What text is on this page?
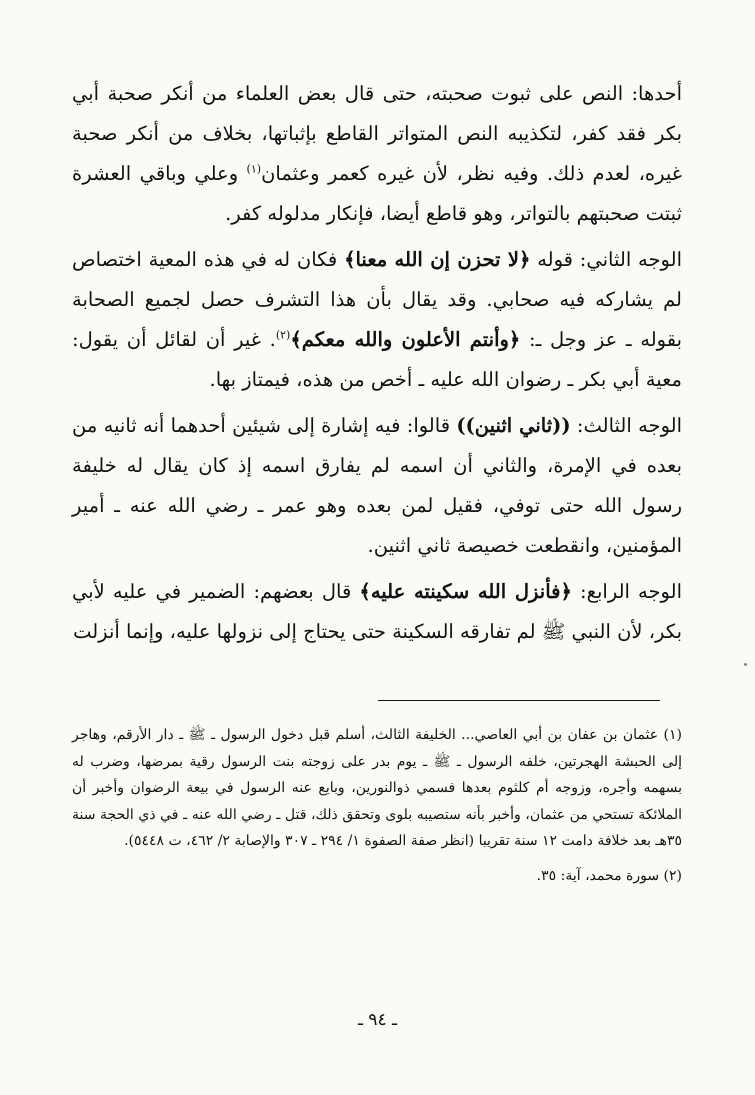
أحدها: النص على ثبوت صحبته، حتى قال بعض العلماء من أنكر صحبة أبي بكر فقد كفر، لتكذيبه النص المتواتر القاطع بإثباتها، بخلاف من أنكر صحبة غيره، لعدم ذلك. وفيه نظر، لأن غيره كعمر وعثمان$^{(١)}$ وعلي وباقي العشرة ثبتت صحبتهم بالتواتر، وهو قاطع أيضا، فإنكار مدلوله كفر.

الوجه الثاني: قوله ﴿لا تحزن إن الله معنا﴾ فكان له في هذه المعية اختصاص لم يشاركه فيه صحابي. وقد يقال بأن هذا التشرف حصل لجميع الصحابة بقوله ـ عز وجل ـ: ﴿وأنتم الأعلون والله معكم﴾$^{(٢)}$. غير أن لقائل أن يقول: معية أبي بكر ـ رضوان الله عليه ـ أخص من هذه، فيمتاز بها.

الوجه الثالث: ((ثاني اثنين)) قالوا: فيه إشارة إلى شيئين أحدهما أنه ثانيه من بعده في الإمرة، والثاني أن اسمه لم يفارق اسمه إذ كان يقال له خليفة رسول الله حتى توفي، فقيل لمن بعده وهو عمر ـ رضي الله عنه ـ أمير المؤمنين، وانقطعت خصيصة ثاني اثنين.

الوجه الرابع: ﴿فأنزل الله سكينته عليه﴾ قال بعضهم: الضمير في عليه لأبي بكر، لأن النبي ﷺ لم تفارقه السكينة حتى يحتاج إلى نزولها عليه، وإنما أنزلت

(١) عثمان بن عفان بن أبي العاصي... الخليفة الثالث، أسلم قبل دخول الرسول ـ ﷺ ـ دار الأرقم، وهاجر إلى الحبشة الهجرتين، خلفه الرسول ـ ﷺ ـ يوم بدر على زوجته بنت الرسول رقية بمرضها، وضرب له بسهمه وأجره، وزوجه أم كلثوم بعدها فسمي ذوالنورين، وبايع عنه الرسول في بيعة الرضوان وأخبر أن الملائكة تستحي من عثمان، وأخبر بأنه ستصيبه بلوى وتحقق ذلك، قتل ـ رضي الله عنه ـ في ذي الحجة سنة ٣٥هـ بعد خلافة دامت ١٢ سنة تقريبا (انظر صفة الصفوة ١/ ٢٩٤ ـ ٣٠٧ والإصابة ٢/ ٤٦٢، ت ٥٤٤٨).

(٢) سورة محمد، آية: ٣٥.

ـ ٩٤ ـ
